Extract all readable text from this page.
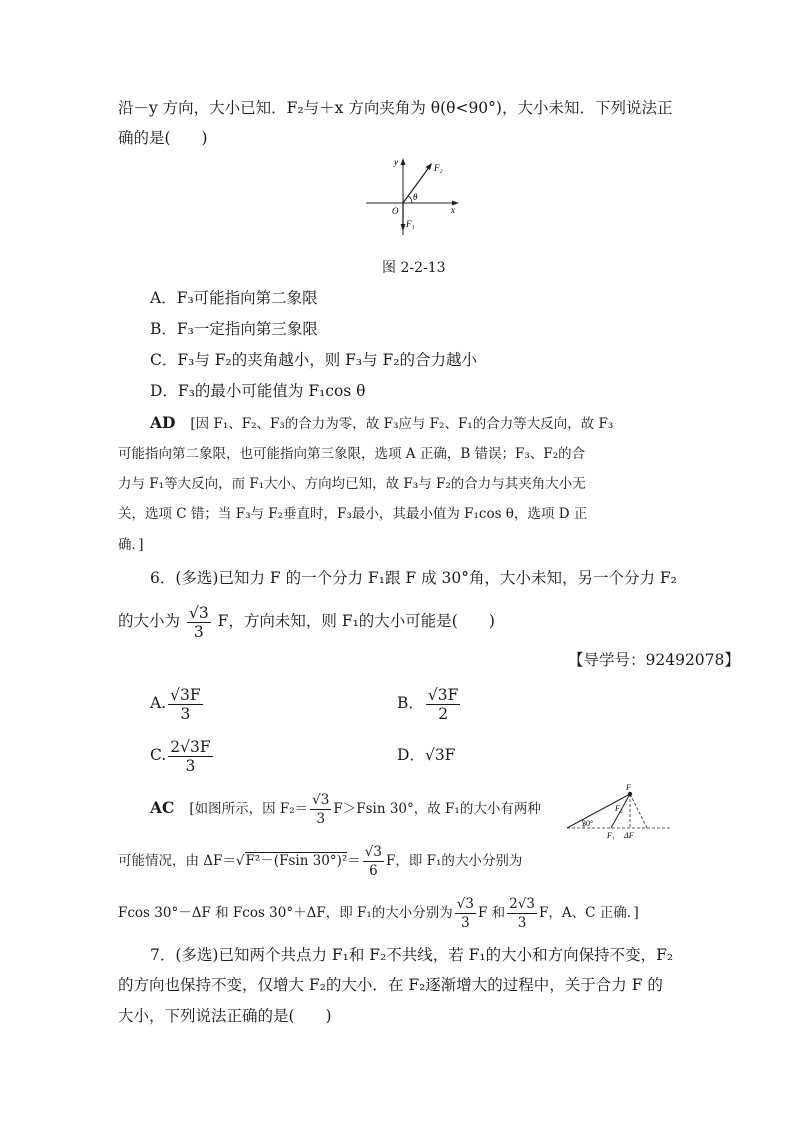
沿－y 方向，大小已知．F₂与＋x 方向夹角为 θ(θ<90°)，大小未知．下列说法正
确的是(　　)
y
x
O
F₂
F₁
θ
图 2-2-13
A．F₃可能指向第二象限
B．F₃一定指向第三象限
C．F₃与 F₂的夹角越小，则 F₃与 F₂的合力越小
D．F₃的最小可能值为 F₁cos θ
AD [因 F₁、F₂、F₃的合力为零，故 F₃应与 F₂、F₁的合力等大反向，故 F₃
可能指向第二象限，也可能指向第三象限，选项 A 正确，B 错误；F₃、F₂的合
力与 F₁等大反向，而 F₁大小、方向均已知，故 F₃与 F₂的合力与其夹角大小无
关，选项 C 错；当 F₃与 F₂垂直时，F₃最小，其最小值为 F₁cos θ，选项 D 正
确．]
6．(多选)已知力 F 的一个分力 F₁跟 F 成 30°角，大小未知，另一个分力 F₂
的大小为 $\frac{√3}{3}$ F，方向未知，则 F₁的大小可能是(　　)
【导学号：92492078】
A. $\frac{√3F}{3}$	B． $\frac{√3F}{2}$
C. $\frac{2√3F}{3}$	D．√3F
AC [如图所示，因 $F_2= \frac{√3}{3} F>Fsin$ 30°，故 F₁的大小有两种
F
F₂
30°
F₁ ΔF
可能情况，由 ΔF＝√F²－(Fsin $30^\circ)^2= \frac{√3}{6}$ F，即 F₁的大小分别为
Fcos 30°－ΔF 和 Fcos 30°＋ΔF，即 F₁的大小分别为 $\frac{√3}{3}$ F 和 $\frac{2√3}{3}$ F，A、C 正确．]
7．(多选)已知两个共点力 F₁和 F₂不共线，若 F₁的大小和方向保持不变，F₂
的方向也保持不变，仅增大 F₂的大小．在 F₂逐渐增大的过程中，关于合力 F 的
大小，下列说法正确的是(　　)
